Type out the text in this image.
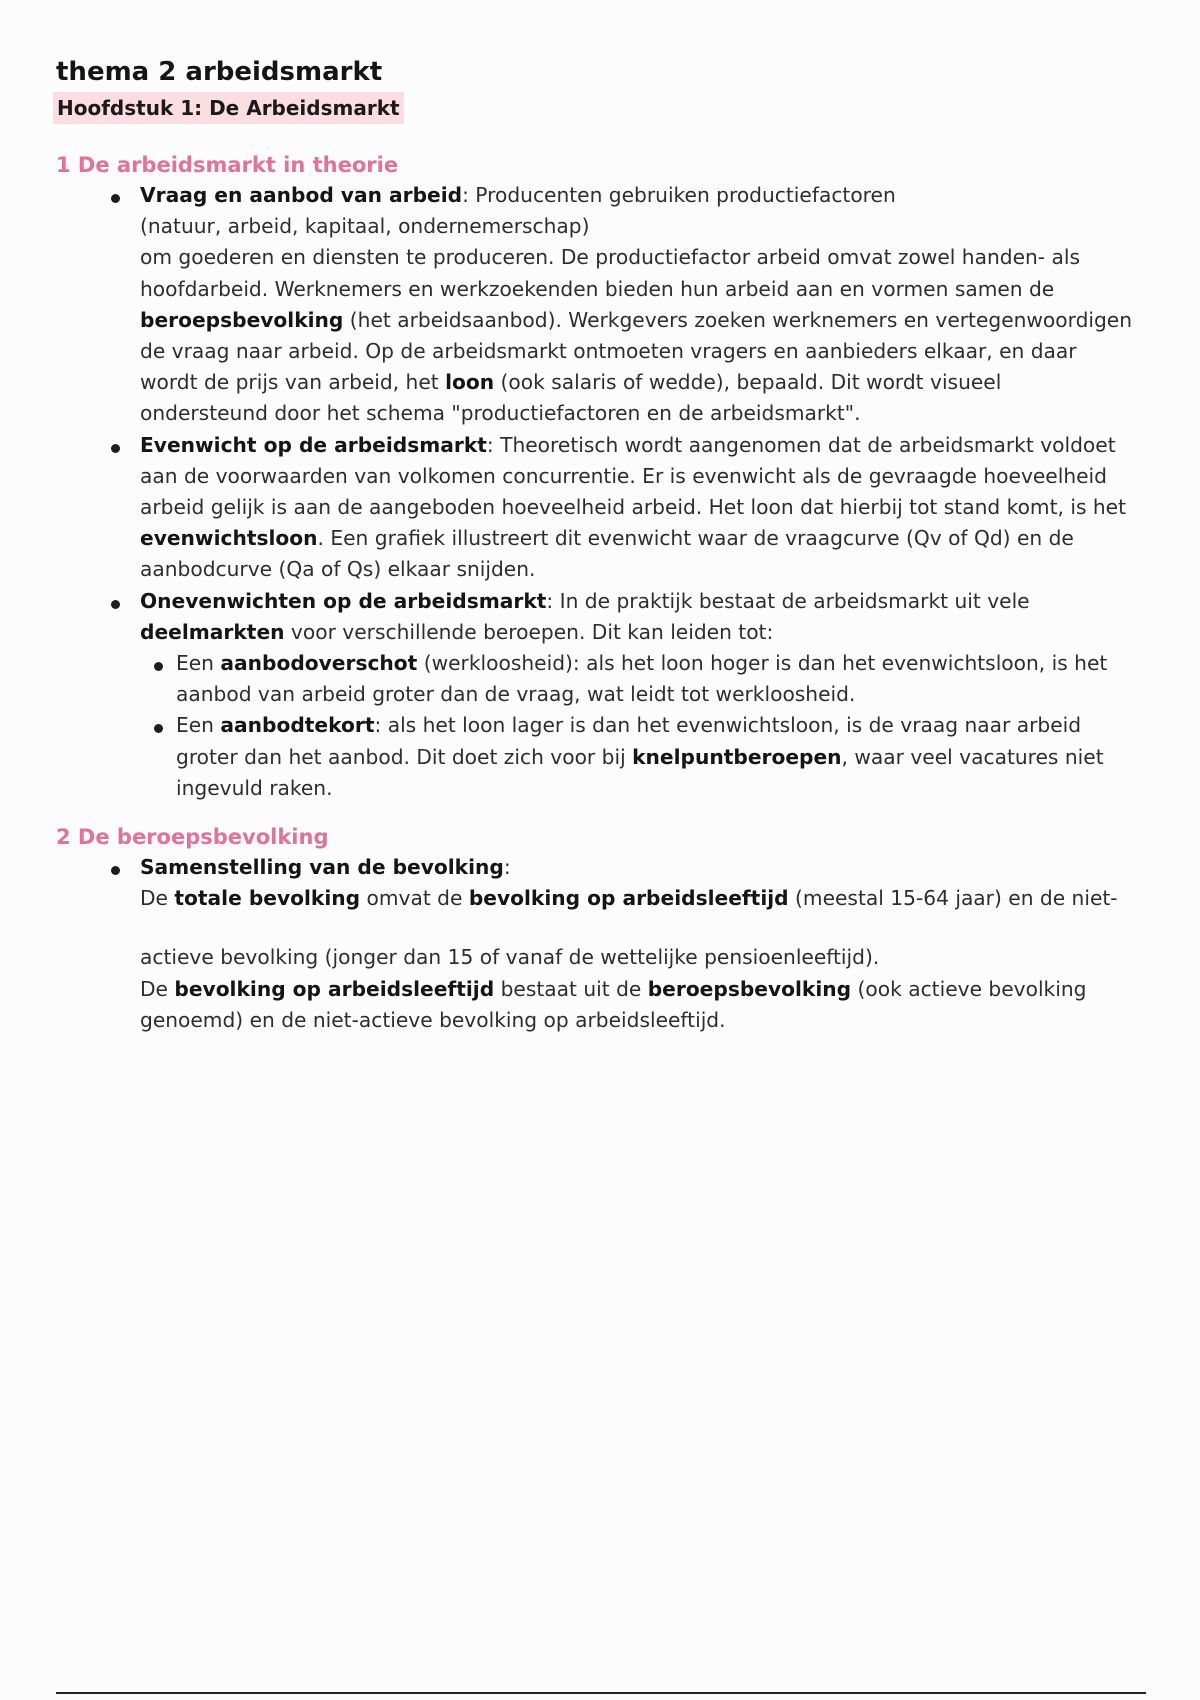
thema 2 arbeidsmarkt
Hoofdstuk 1: De Arbeidsmarkt
1 De arbeidsmarkt in theorie
Vraag en aanbod van arbeid: Producenten gebruiken productiefactoren
(natuur, arbeid, kapitaal, ondernemerschap)
om goederen en diensten te produceren. De productiefactor arbeid omvat zowel handen- als
hoofdarbeid. Werknemers en werkzoekenden bieden hun arbeid aan en vormen samen de
beroepsbevolking (het arbeidsaanbod). Werkgevers zoeken werknemers en vertegenwoordigen
de vraag naar arbeid. Op de arbeidsmarkt ontmoeten vragers en aanbieders elkaar, en daar
wordt de prijs van arbeid, het loon (ook salaris of wedde), bepaald. Dit wordt visueel
ondersteund door het schema "productiefactoren en de arbeidsmarkt".
Evenwicht op de arbeidsmarkt: Theoretisch wordt aangenomen dat de arbeidsmarkt voldoet
aan de voorwaarden van volkomen concurrentie. Er is evenwicht als de gevraagde hoeveelheid
arbeid gelijk is aan de aangeboden hoeveelheid arbeid. Het loon dat hierbij tot stand komt, is het
evenwichtsloon. Een grafiek illustreert dit evenwicht waar de vraagcurve (Qv of Qd) en de
aanbodcurve (Qa of Qs) elkaar snijden.
Onevenwichten op de arbeidsmarkt: In de praktijk bestaat de arbeidsmarkt uit vele
deelmarkten voor verschillende beroepen. Dit kan leiden tot:
Een aanbodoverschot (werkloosheid): als het loon hoger is dan het evenwichtsloon, is het
aanbod van arbeid groter dan de vraag, wat leidt tot werkloosheid.
Een aanbodtekort: als het loon lager is dan het evenwichtsloon, is de vraag naar arbeid
groter dan het aanbod. Dit doet zich voor bij knelpuntberoepen, waar veel vacatures niet
ingevuld raken.
2 De beroepsbevolking
Samenstelling van de bevolking:
De totale bevolking omvat de bevolking op arbeidsleeftijd (meestal 15-64 jaar) en de niet-
actieve bevolking (jonger dan 15 of vanaf de wettelijke pensioenleeftijd).
De bevolking op arbeidsleeftijd bestaat uit de beroepsbevolking (ook actieve bevolking
genoemd) en de niet-actieve bevolking op arbeidsleeftijd.
